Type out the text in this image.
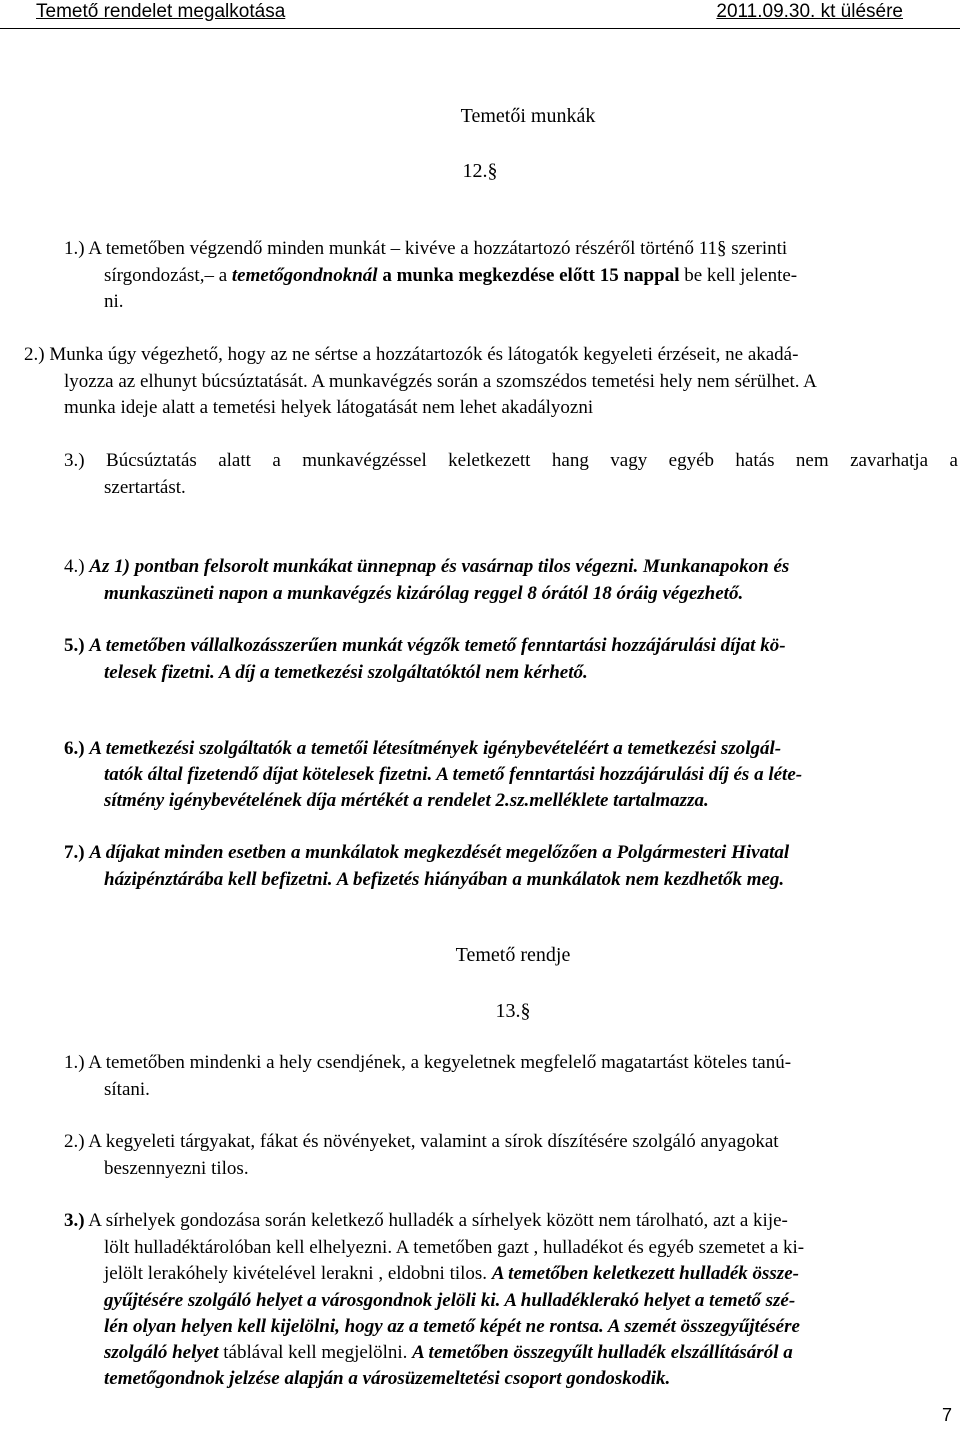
Temető rendelet megalkotása	2011.09.30. kt ülésére
Temetői munkák
12.§
1.) A temetőben végzendő minden munkát – kivéve a hozzátartozó részéről történő 11§ szerinti
sírgondozást,– a temetőgondnoknál a munka megkezdése előtt 15 nappal be kell jelente-
ni.
2.) Munka úgy végezhető, hogy az ne sértse a hozzátartozók és látogatók kegyeleti érzéseit, ne akadá-
lyozza az elhunyt búcsúztatását. A munkavégzés során a szomszédos temetési hely nem sérülhet. A
munka ideje alatt a temetési helyek látogatását nem lehet akadályozni
3.) Búcsúztatás alatt a munkavégzéssel keletkezett hang vagy egyéb hatás nem zavarhatja a
szertartást.
4.) Az 1) pontban felsorolt munkákat ünnepnap és vasárnap tilos végezni. Munkanapokon és
munkaszüneti napon a munkavégzés kizárólag reggel 8 órától 18 óráig végezhető.
5.) A temetőben vállalkozásszerűen munkát végzők temető fenntartási hozzájárulási díjat kö-
telesek fizetni. A díj a temetkezési szolgáltatóktól nem kérhető.
6.) A temetkezési szolgáltatók a temetői létesítmények igénybevételéért a temetkezési szolgál-
tatók által fizetendő díjat kötelesek fizetni. A temető fenntartási hozzájárulási díj és a léte-
sítmény igénybevételének díja mértékét a rendelet 2.sz.melléklete tartalmazza.
7.) A díjakat minden esetben a munkálatok megkezdését megelőzően a Polgármesteri Hivatal
házipénztárába kell befizetni. A befizetés hiányában a munkálatok nem kezdhetők meg.
Temető rendje
13.§
1.) A temetőben mindenki a hely csendjének, a kegyeletnek megfelelő magatartást köteles tanú-
sítani.
2.) A kegyeleti tárgyakat, fákat és növényeket, valamint a sírok díszítésére szolgáló anyagokat
beszennyezni tilos.
3.) A sírhelyek gondozása során keletkező hulladék a sírhelyek között nem tárolható, azt a kije-
lölt hulladéktárolóban kell elhelyezni. A temetőben gazt , hulladékot és egyéb szemetet a ki-
jelölt lerakóhely kivételével lerakni , eldobni tilos. A temetőben keletkezett hulladék össze-
gyűjtésére szolgáló helyet a városgondnok jelöli ki. A hulladéklerakó helyet a temető szé-
lén olyan helyen kell kijelölni, hogy az a temető képét ne rontsa. A szemét összegyűjtésére
szolgáló helyet táblával kell megjelölni. A temetőben összegyűlt hulladék elszállításáról a
temetőgondnok jelzése alapján a városüzemeltetési csoport gondoskodik.
7
